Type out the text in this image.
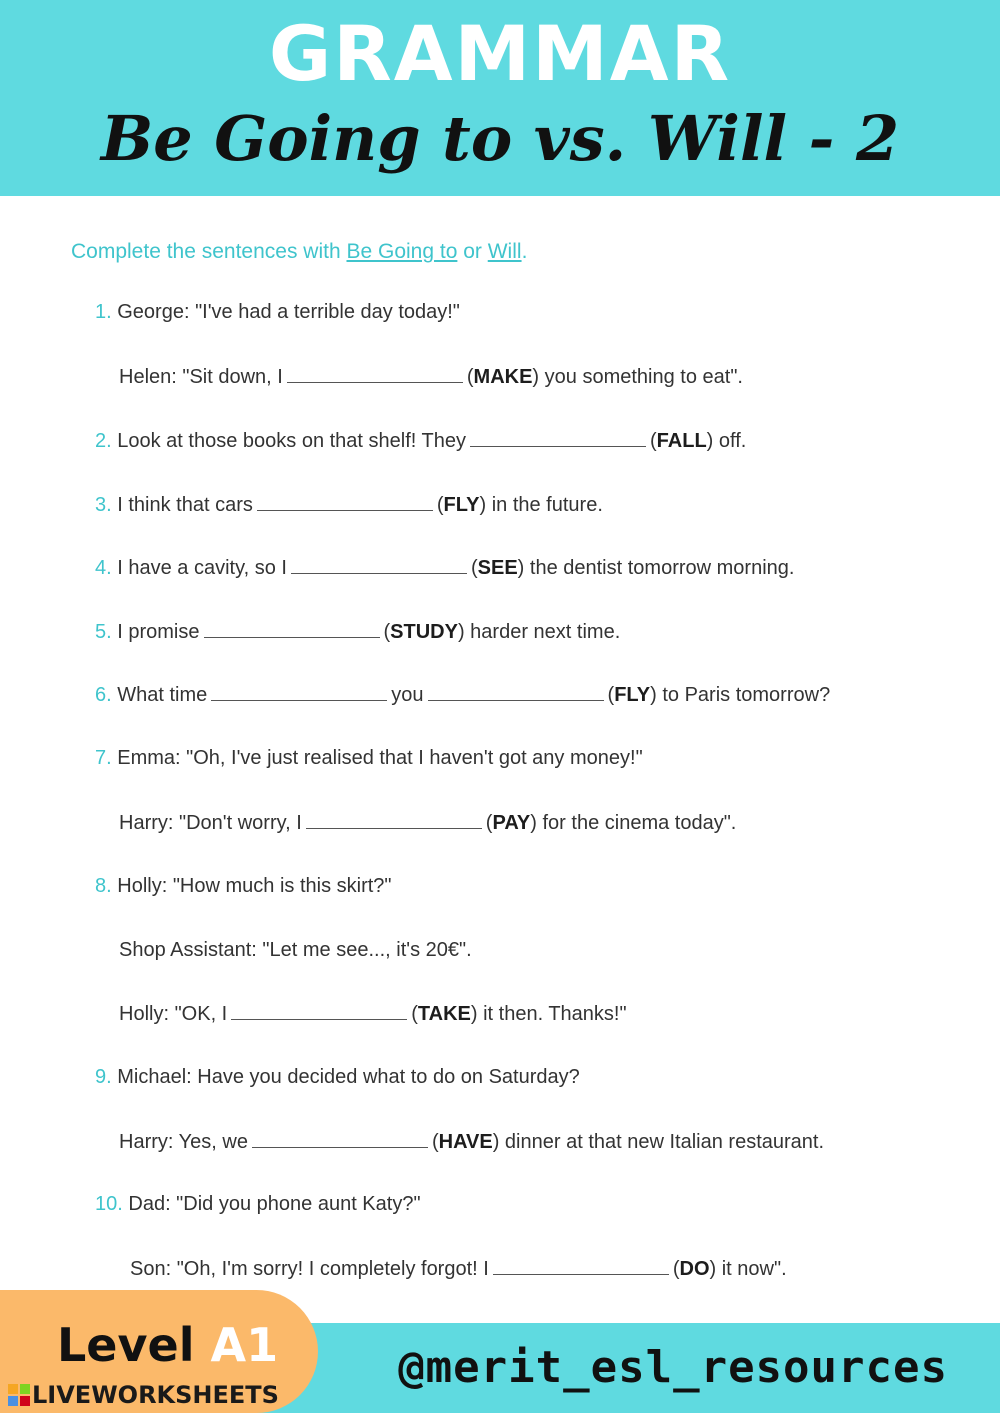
GRAMMAR
Be Going to vs. Will - 2
Complete the sentences with Be Going to or Will.
1. George: "I've had a terrible day today!"
Helen: "Sit down, I	(MAKE) you something to eat".
2. Look at those books on that shelf! They	(FALL) off.
3. I think that cars	(FLY) in the future.
4. I have a cavity, so I	(SEE) the dentist tomorrow morning.
5. I promise	(STUDY) harder next time.
6. What time	you	(FLY) to Paris tomorrow?
7. Emma: "Oh, I've just realised that I haven't got any money!"
Harry: "Don't worry, I	(PAY) for the cinema today".
8. Holly: "How much is this skirt?"
Shop Assistant: "Let me see..., it's 20€".
Holly: "OK, I	(TAKE) it then. Thanks!"
9. Michael: Have you decided what to do on Saturday?
Harry: Yes, we	(HAVE) dinner at that new Italian restaurant.
10. Dad: "Did you phone aunt Katy?"
Son: "Oh, I'm sorry! I completely forgot! I	(DO) it now".
@merit_esl_resources
Level A1
LIVEWORKSHEETS
